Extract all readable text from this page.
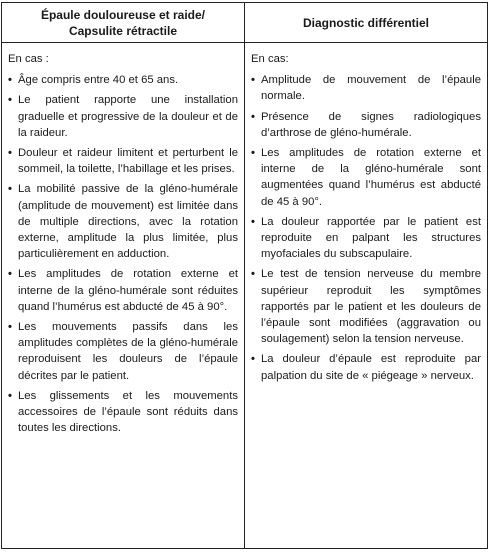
Épaule douloureuse et raide/
Capsulite rétractile
Diagnostic différentiel
En cas :
• Âge compris entre 40 et 65 ans.
• Le patient rapporte une installation graduelle et progressive de la douleur et de la raideur.
• Douleur et raideur limitent et perturbent le sommeil, la toilette, l’habillage et les prises.
• La mobilité passive de la gléno-humérale (amplitude de mouvement) est limitée dans de multiple directions, avec la rotation externe, amplitude la plus limitée, plus particulièrement en adduction.
• Les amplitudes de rotation externe et interne de la gléno-humérale sont réduites quand l’humérus est abducté de 45 à 90°.
• Les mouvements passifs dans les amplitudes complètes de la gléno-humérale reproduisent les douleurs de l’épaule décrites par le patient.
• Les glissements et les mouvements accessoires de l’épaule sont réduits dans toutes les directions.
En cas:
• Amplitude de mouvement de l’épaule normale.
• Présence de signes radiologiques d’arthrose de gléno-humérale.
• Les amplitudes de rotation externe et interne de la gléno-humérale sont augmentées quand l’humérus est abducté de 45 à 90°.
• La douleur rapportée par le patient est reproduite en palpant les structures myofaciales du subscapulaire.
• Le test de tension nerveuse du membre supérieur reproduit les symptômes rapportés par le patient et les douleurs de l’épaule sont modifiées (aggravation ou soulagement) selon la tension nerveuse.
• La douleur d’épaule est reproduite par palpation du site de « piégeage » nerveux.
